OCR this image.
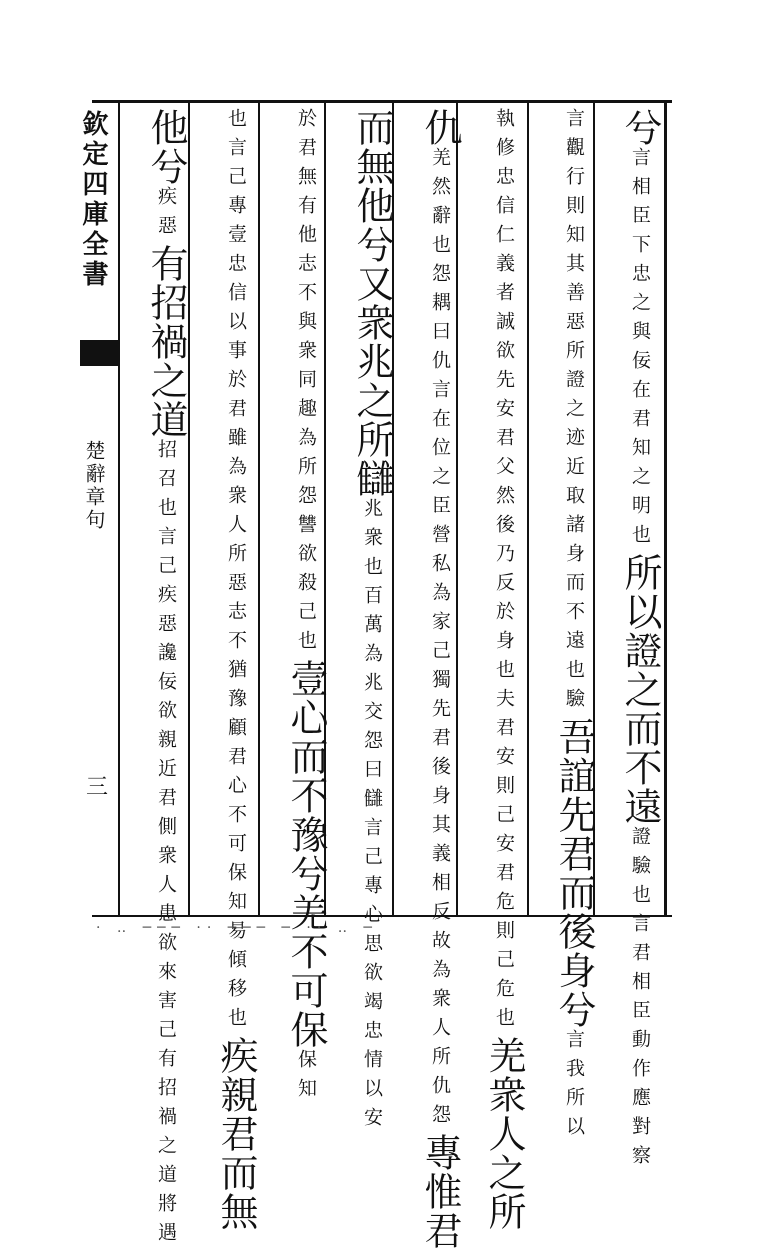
欽定四庫全書
楚辭章句
三
兮
言相臣下忠之與
佞在君知之明也
所以證之而不遠
證驗也言君相
臣動作應對察
言觀行則知其善惡所證
之迹近取諸身而不遠也
驗吾誼先君而後身兮
言我
所以
執修忠信仁義者誠欲先安君父然後乃
反於身也夫君安則己安君危則己危也
羌衆人之所
仇
羌然辭也怨耦曰仇言在位之臣營私為家
己獨先君後身其義相反故為衆人所仇怨
專惟君
而無他兮又衆兆之所讎
兆衆也百萬為兆交怨曰讎
言己專心思欲竭忠情以安
於君無有他志不與衆同
趣為所怨讐欲殺己也
壹心而不豫兮羌不可保
保
知
也言己專壹忠信以事於君雖為衆人所
惡志不猶豫顧君心不可保知易傾移也
疾親君而無
他兮
疾
惡
有招禍之道
招召也言己疾惡讒佞欲親近君側
衆人患欲來害己有招禍之道將遇
· ‥ ─── ·· ─── ─ ·· ‥ ─
